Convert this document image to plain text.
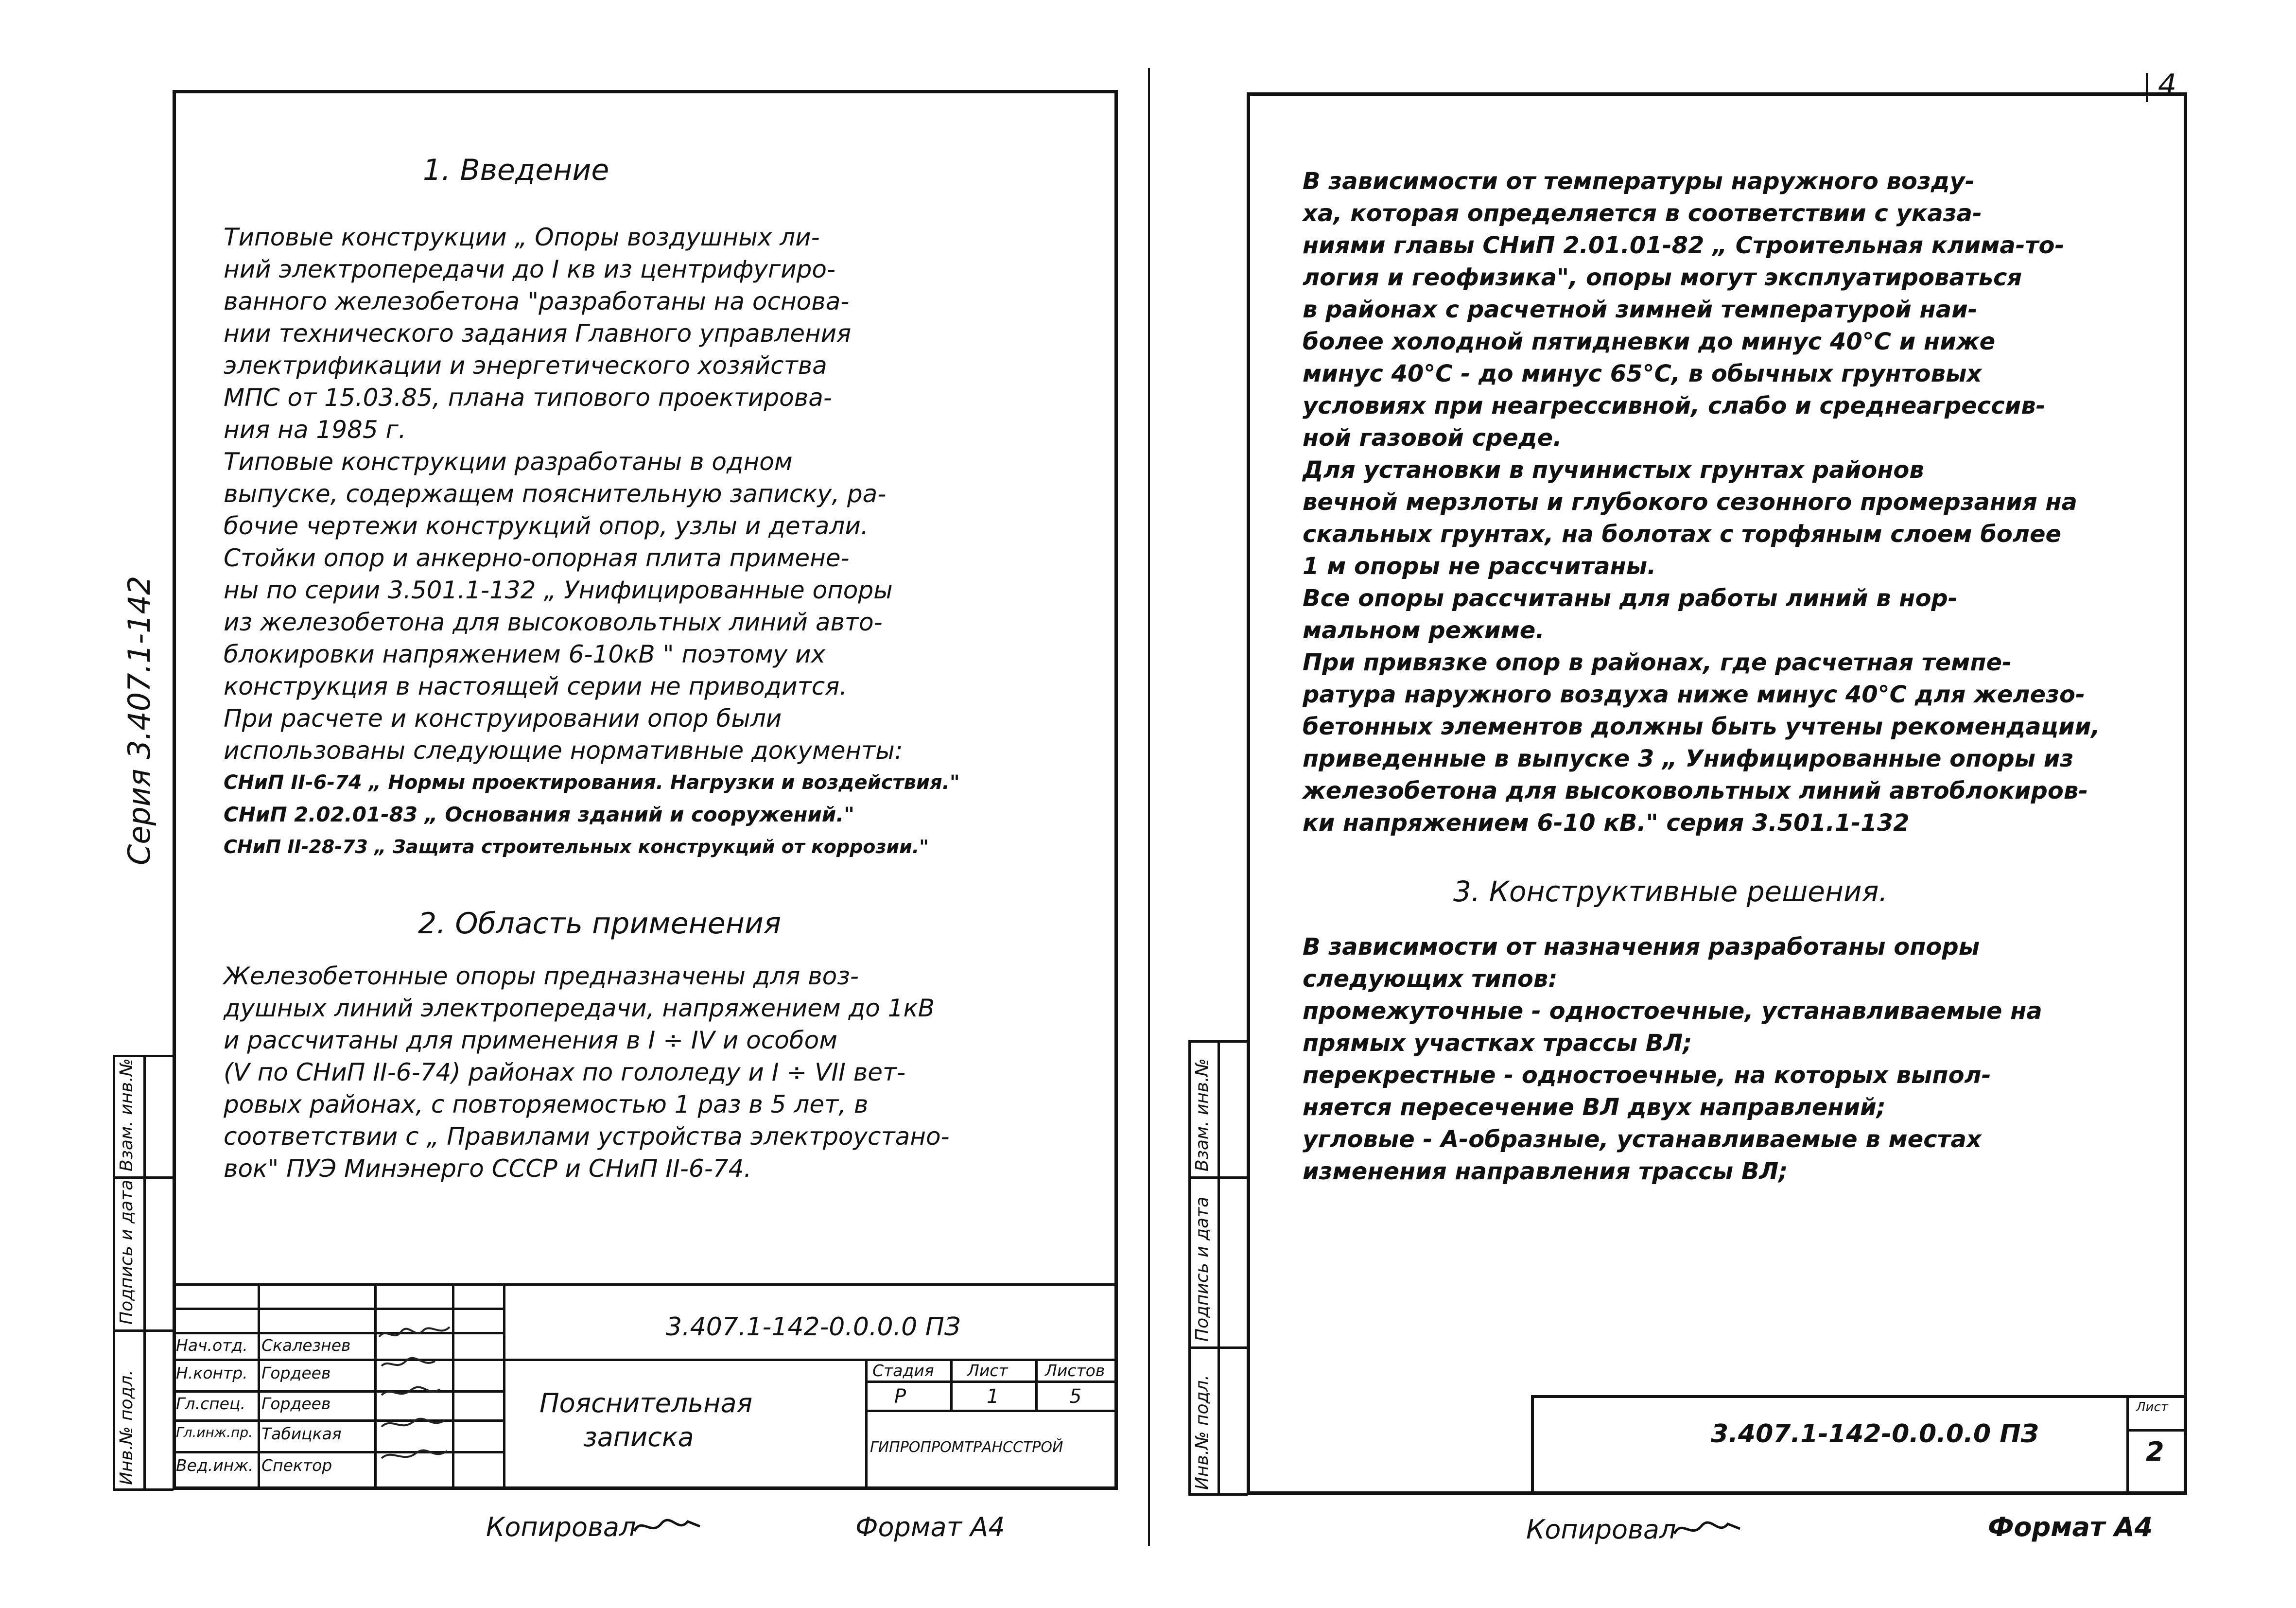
Инв.№ подл.
Подпись и дата
Взам. инв.№
Серия 3.407.1-142
1. Введение
Типовые конструкции „ Опоры воздушных ли-
ний электропередачи до I кв из центрифугиро-
ванного железобетона "разработаны на основа-
нии технического задания Главного управления
электрификации и энергетического хозяйства
МПС от 15.03.85, плана типового проектирова-
ния на 1985 г.
Типовые конструкции разработаны в одном
выпуске, содержащем пояснительную записку, ра-
бочие чертежи конструкций опор, узлы и детали.
Стойки опор и анкерно-опорная плита примене-
ны по серии 3.501.1-132 „ Унифицированные опоры
из железобетона для высоковольтных линий авто-
блокировки напряжением 6-10кВ " поэтому их
конструкция в настоящей серии не приводится.
При расчете и конструировании опор были
использованы следующие нормативные документы:
СНиП II-6-74 „ Нормы проектирования. Нагрузки и воздействия."
СНиП 2.02.01-83 „ Основания зданий и сооружений."
СНиП II-28-73 „ Защита строительных конструкций от коррозии."
2. Область применения
Железобетонные опоры предназначены для воз-
душных линий электропередачи, напряжением до 1кВ
и рассчитаны для применения в I ÷ IV и особом
(V по СНиП II-6-74) районах по гололеду и I ÷ VII вет-
ровых районах, с повторяемостью 1 раз в 5 лет, в
соответствии с „ Правилами устройства электроустано-
вок" ПУЭ Минэнерго СССР и СНиП II-6-74.
3.407.1-142-0.0.0.0 ПЗ
Пояснительная
записка
Стадия Лист Листов
Р	1	5
ГИПРОПРОМТРАНССТРОЙ
Нач.отд. Скалезнев
Н.контр. Гордеев
Гл.спец. Гордеев
Гл.инж.пр. Табицкая
Вед.инж. Спектор
Копировал	Формат А4
4
Инв.№ подл.
Подпись и дата
Взам. инв.№
В зависимости от температуры наружного возду-
ха, которая определяется в соответствии с указа-
ниями главы СНиП 2.01.01-82 „ Строительная клима-то-
логия и геофизика", опоры могут эксплуатироваться
в районах с расчетной зимней температурой наи-
более холодной пятидневки до минус 40°С и ниже
минус 40°С - до минус 65°С, в обычных грунтовых
условиях при неагрессивной, слабо и среднеагрессив-
ной газовой среде.
Для установки в пучинистых грунтах районов
вечной мерзлоты и глубокого сезонного промерзания на
скальных грунтах, на болотах с торфяным слоем более
1 м опоры не рассчитаны.
Все опоры рассчитаны для работы линий в нор-
мальном режиме.
При привязке опор в районах, где расчетная темпе-
ратура наружного воздуха ниже минус 40°С для железо-
бетонных элементов должны быть учтены рекомендации,
приведенные в выпуске 3 „ Унифицированные опоры из
железобетона для высоковольтных линий автоблокиров-
ки напряжением 6-10 кВ." серия 3.501.1-132
3. Конструктивные решения.
В зависимости от назначения разработаны опоры
следующих типов:
промежуточные - одностоечные, устанавливаемые на
прямых участках трассы ВЛ;
перекрестные - одностоечные, на которых выпол-
няется пересечение ВЛ двух направлений;
угловые - А-образные, устанавливаемые в местах
изменения направления трассы ВЛ;
3.407.1-142-0.0.0.0 ПЗ
Лист
2
Копировал	Формат А4
